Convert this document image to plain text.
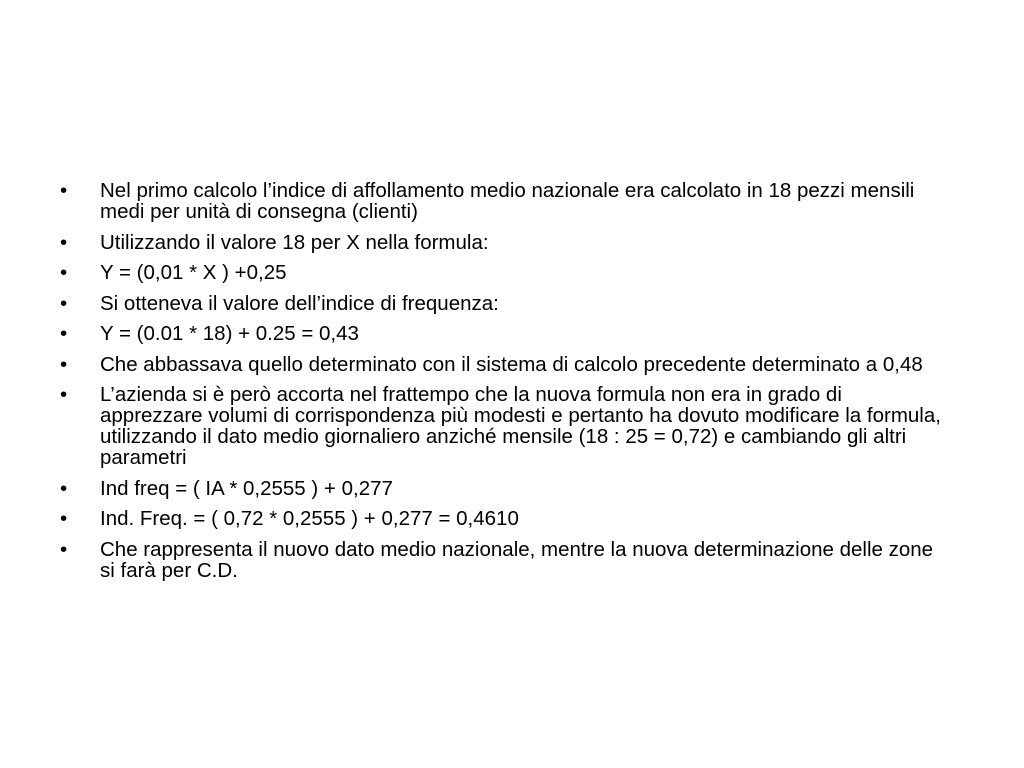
•	Nel primo calcolo l’indice di affollamento medio nazionale era calcolato in 18 pezzi mensili medi per unità di consegna (clienti)
•	Utilizzando il valore 18 per X nella formula:
•	Y = (0,01 * X ) +0,25
•	Si otteneva il valore dell’indice di frequenza:
•	Y = (0.01 * 18) + 0.25 = 0,43
•	Che abbassava quello determinato con il sistema di calcolo precedente determinato a 0,48
•	L’azienda si è però accorta nel frattempo che la nuova formula non era in grado di apprezzare volumi di corrispondenza più modesti e pertanto ha dovuto modificare la formula, utilizzando il dato medio giornaliero anziché mensile (18 : 25 = 0,72) e cambiando gli altri parametri
•	Ind freq = ( IA * 0,2555 ) + 0,277
•	Ind. Freq. = ( 0,72 * 0,2555 ) + 0,277 = 0,4610
•	Che rappresenta il nuovo dato medio nazionale, mentre la nuova determinazione delle zone si farà per C.D.
